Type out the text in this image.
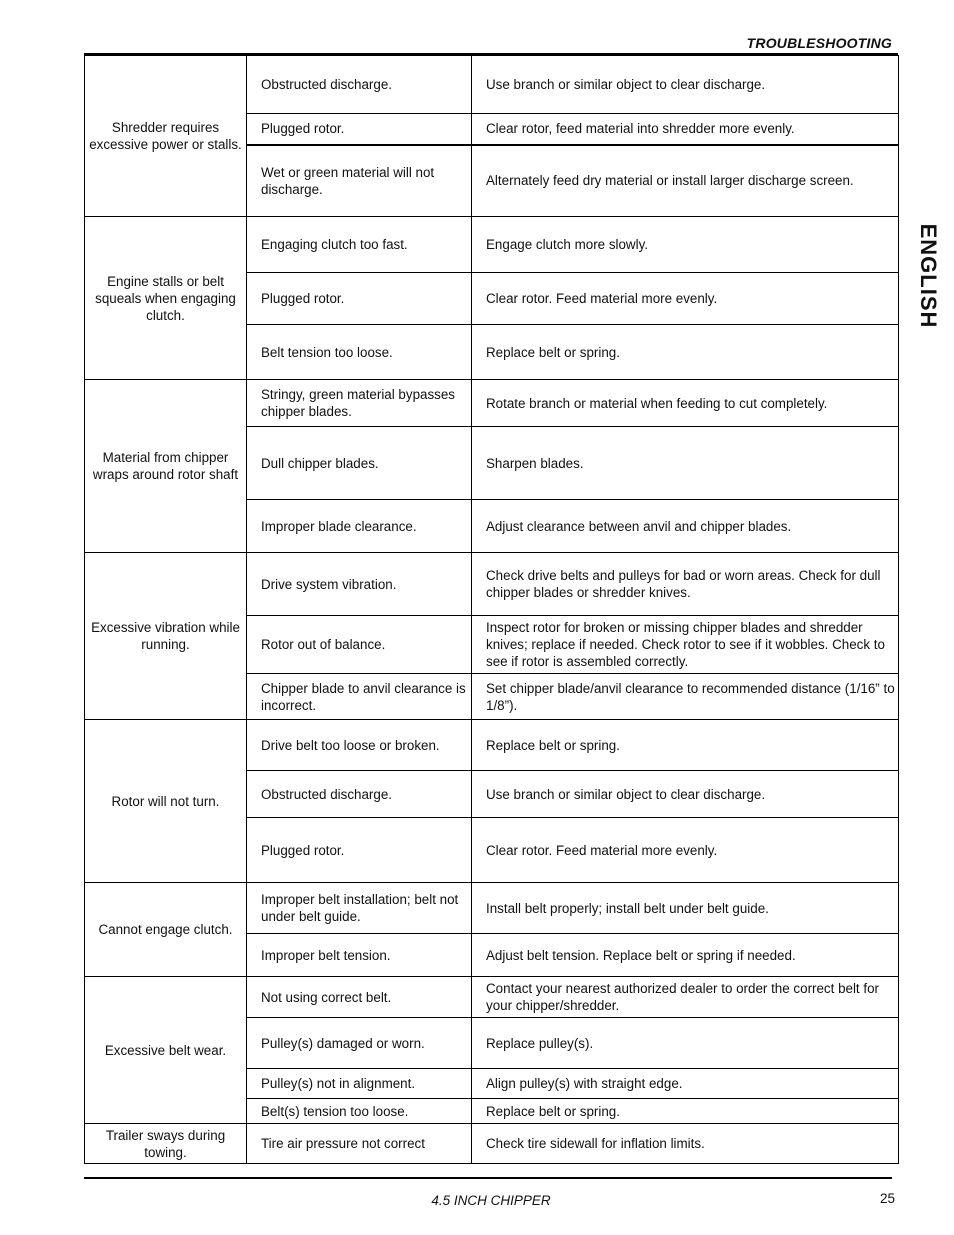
TROUBLESHOOTING
ENGLISH
Shredder requires excessive power or stalls.	Obstructed discharge.	Use branch or similar object to clear discharge.
	Plugged rotor.	Clear rotor, feed material into shredder more evenly.
	Wet or green material will not discharge.	Alternately feed dry material or install larger discharge screen.
Engine stalls or belt squeals when engaging clutch.	Engaging clutch too fast.	Engage clutch more slowly.
	Plugged rotor.	Clear rotor. Feed material more evenly.
	Belt tension too loose.	Replace belt or spring.
Material from chipper wraps around rotor shaft	Stringy, green material bypasses chipper blades.	Rotate branch or material when feeding to cut completely.
	Dull chipper blades.	Sharpen blades.
	Improper blade clearance.	Adjust clearance between anvil and chipper blades.
Excessive vibration while running.	Drive system vibration.	Check drive belts and pulleys for bad or worn areas. Check for dull chipper blades or shredder knives.
	Rotor out of balance.	Inspect rotor for broken or missing chipper blades and shredder knives; replace if needed. Check rotor to see if it wobbles. Check to see if rotor is assembled correctly.
	Chipper blade to anvil clearance is incorrect.	Set chipper blade/anvil clearance to recommended distance (1/16” to 1/8”).
Rotor will not turn.	Drive belt too loose or broken.	Replace belt or spring.
	Obstructed discharge.	Use branch or similar object to clear discharge.
	Plugged rotor.	Clear rotor. Feed material more evenly.
Cannot engage clutch.	Improper belt installation; belt not under belt guide.	Install belt properly; install belt under belt guide.
	Improper belt tension.	Adjust belt tension. Replace belt or spring if needed.
Excessive belt wear.	Not using correct belt.	Contact your nearest authorized dealer to order the correct belt for your chipper/shredder.
	Pulley(s) damaged or worn.	Replace pulley(s).
	Pulley(s) not in alignment.	Align pulley(s) with straight edge.
	Belt(s) tension too loose.	Replace belt or spring.
Trailer sways during towing.	Tire air pressure not correct	Check tire sidewall for inflation limits.
4.5 INCH CHIPPER	25
